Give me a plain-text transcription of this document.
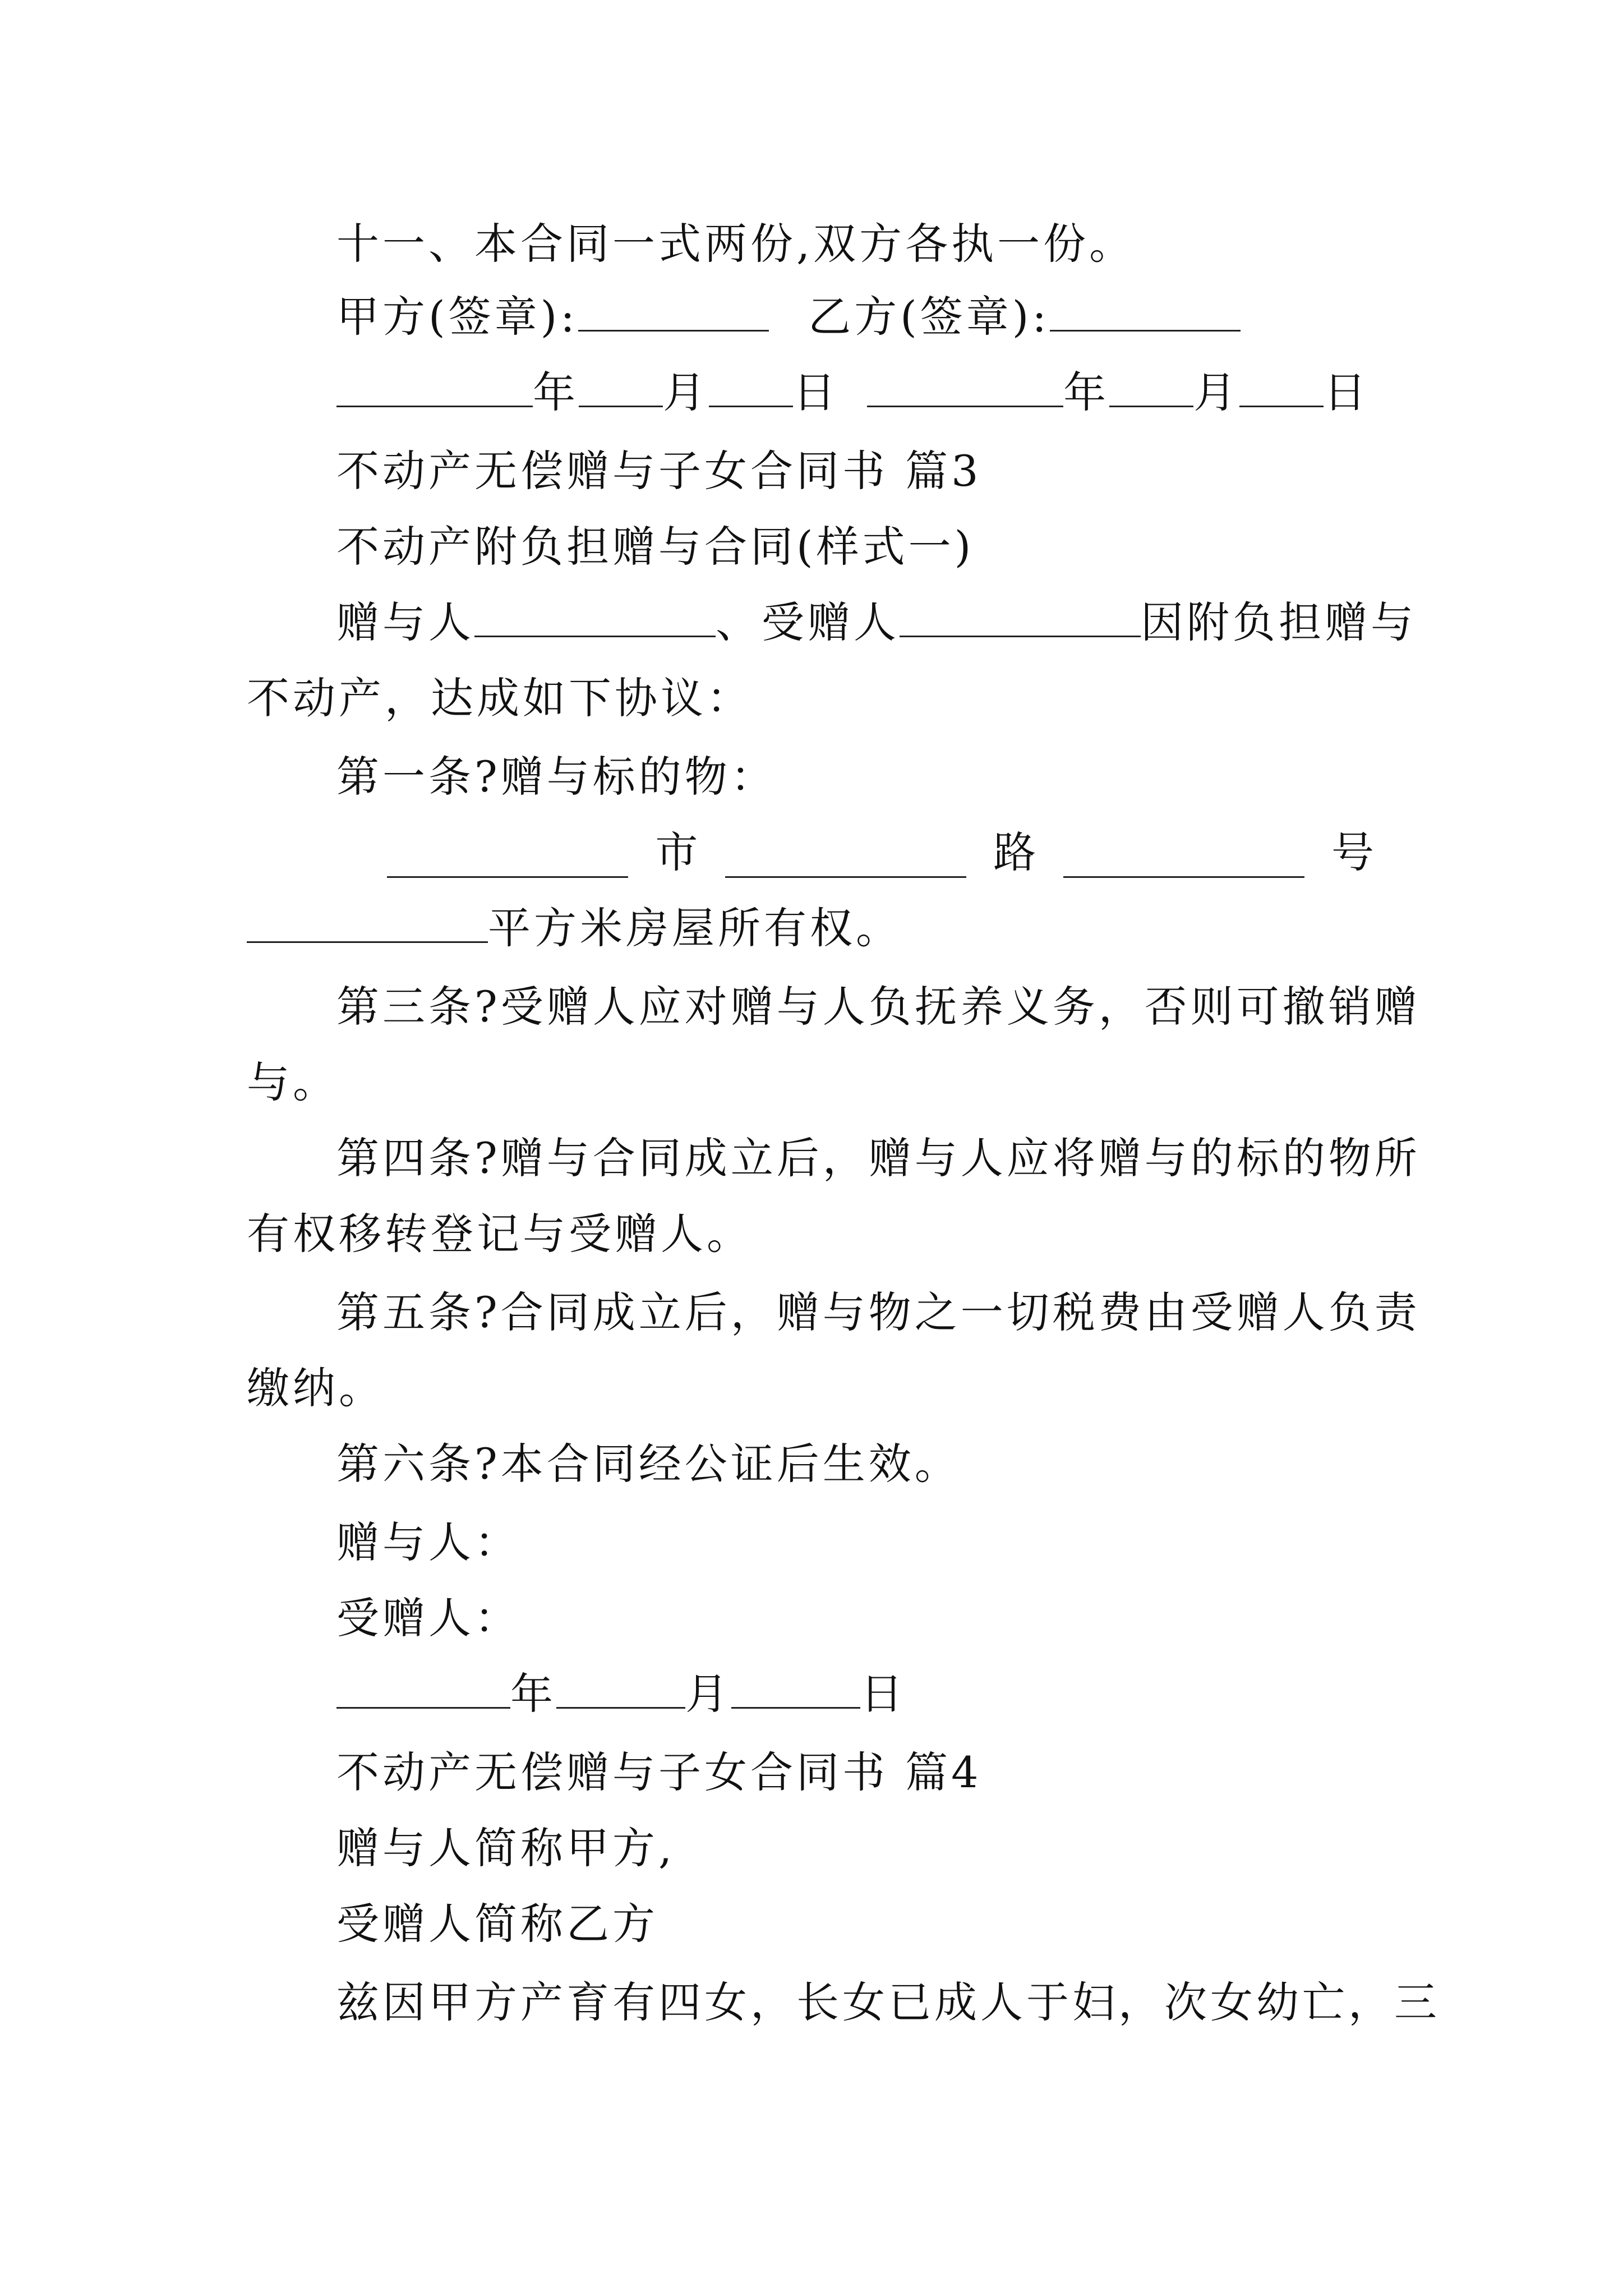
十一、本合同一式两份,双方各执一份。
甲方(签章):	乙方(签章):
年 月 日	年 月 日
不动产无偿赠与子女合同书 篇3
不动产附负担赠与合同(样式一)
赠与人	、受赠人	因附负担赠与
不动产，达成如下协议：
第一条?赠与标的物：
市	路	号
平方米房屋所有权。
第三条?受赠人应对赠与人负抚养义务，否则可撤销赠
与。
第四条?赠与合同成立后，赠与人应将赠与的标的物所
有权移转登记与受赠人。
第五条?合同成立后，赠与物之一切税费由受赠人负责
缴纳。
第六条?本合同经公证后生效。
赠与人：
受赠人：
年	月	日
不动产无偿赠与子女合同书 篇4
赠与人简称甲方,
受赠人简称乙方
兹因甲方产育有四女，长女已成人于妇，次女幼亡，三
